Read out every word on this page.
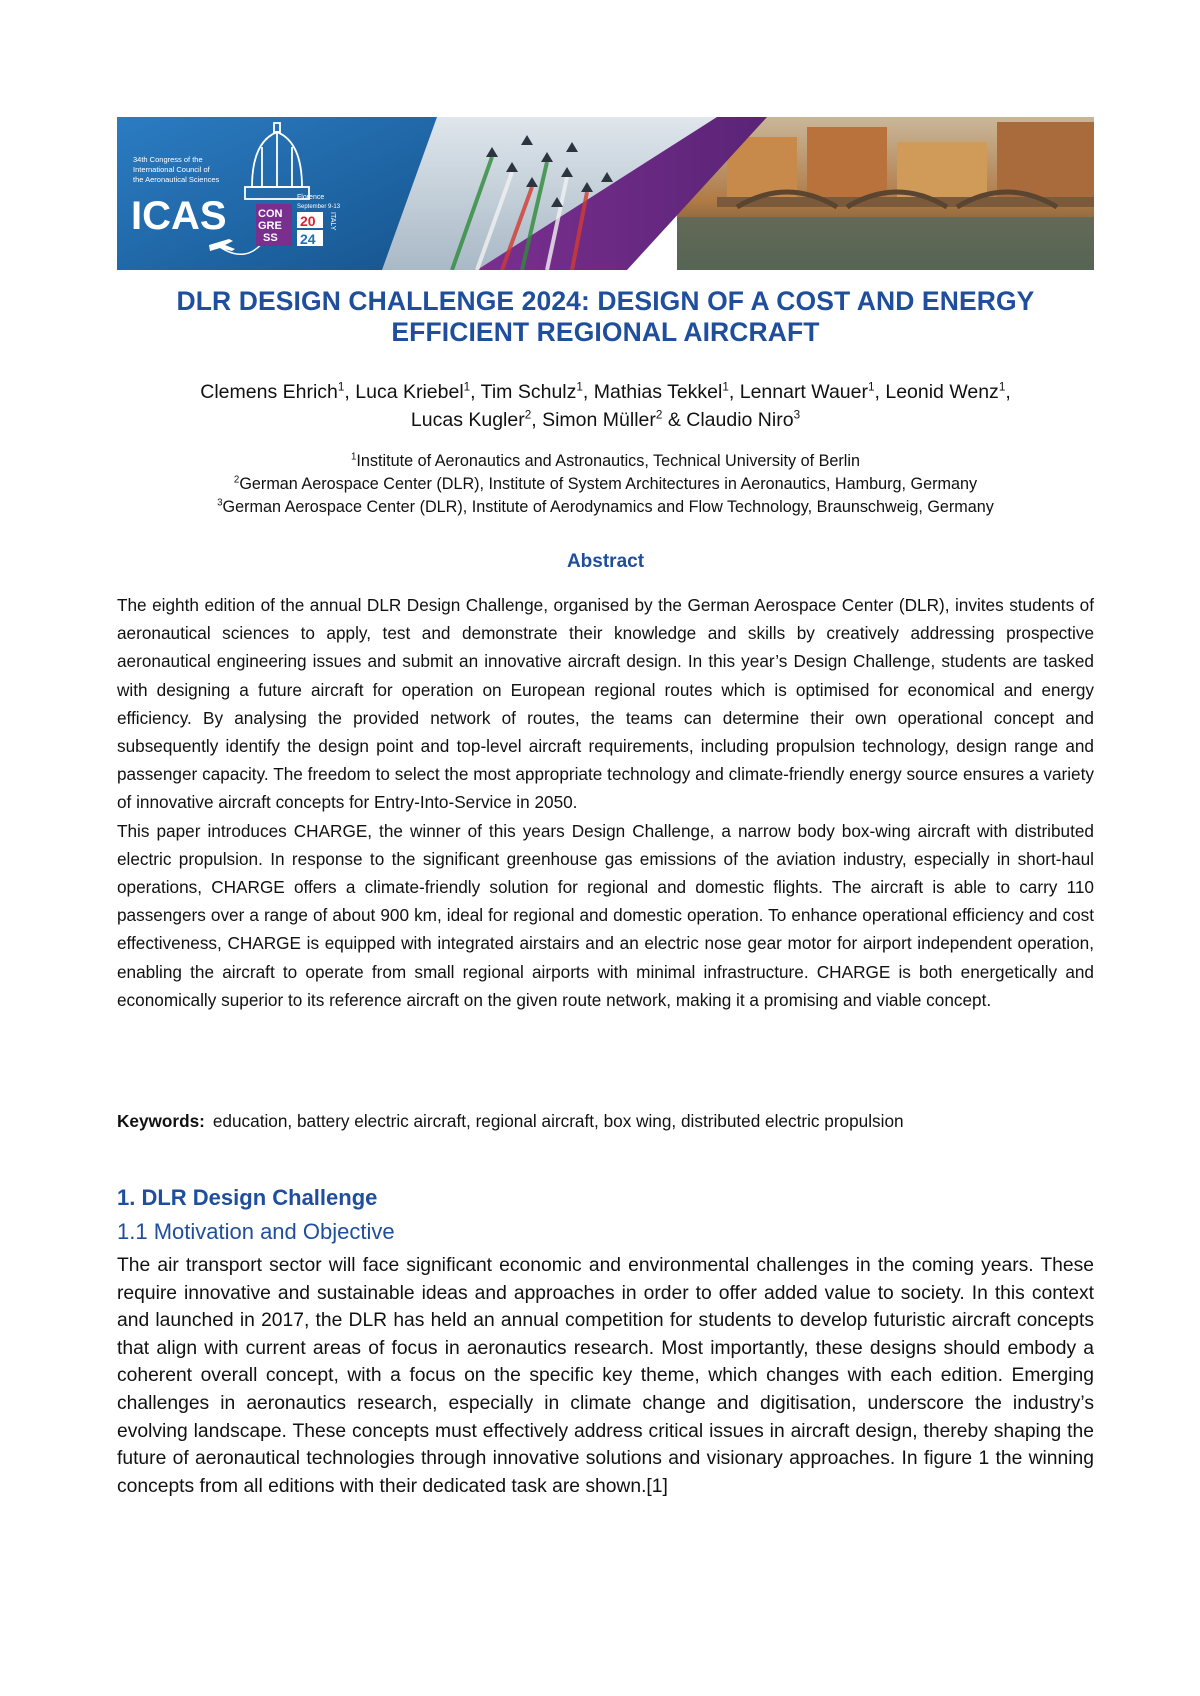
34th Congress of the
International Council of
the Aeronautical Sciences
ICAS	CON
GRE
SS
Florence
September 9-13
20
24
ITALY
DLR DESIGN CHALLENGE 2024: DESIGN OF A COST AND ENERGY
EFFICIENT REGIONAL AIRCRAFT
Clemens Ehrich$^1$, Luca Kriebel$^1$, Tim Schulz$^1$, Mathias Tekkel$^1$, Lennart Wauer$^1$, Leonid Wenz$^1$,
Lucas Kugler$^2$, Simon Müller$^2$ & Claudio Niro$^3$
$^1$Institute of Aeronautics and Astronautics, Technical University of Berlin
$^2$German Aerospace Center (DLR), Institute of System Architectures in Aeronautics, Hamburg, Germany
$^3$German Aerospace Center (DLR), Institute of Aerodynamics and Flow Technology, Braunschweig, Germany
Abstract

The eighth edition of the annual DLR Design Challenge, organised by the German Aerospace Center (DLR), invites students of aeronautical sciences to apply, test and demonstrate their knowledge and skills by creatively addressing prospective aeronautical engineering issues and submit an innovative aircraft design. In this year’s Design Challenge, students are tasked with designing a future aircraft for operation on European regional routes which is optimised for economical and energy efficiency. By analysing the provided network of routes, the teams can determine their own operational concept and subsequently identify the design point and top-level aircraft requirements, including propulsion technology, design range and passenger capacity. The freedom to select the most appropriate technology and climate-friendly energy source ensures a variety of innovative aircraft concepts for Entry-Into-Service in 2050.

This paper introduces CHARGE, the winner of this years Design Challenge, a narrow body box-wing aircraft with distributed electric propulsion. In response to the significant greenhouse gas emissions of the aviation industry, especially in short-haul operations, CHARGE offers a climate-friendly solution for regional and domestic flights. The aircraft is able to carry 110 passengers over a range of about 900 km, ideal for regional and domestic operation. To enhance operational efficiency and cost effectiveness, CHARGE is equipped with integrated airstairs and an electric nose gear motor for airport independent operation, enabling the aircraft to operate from small regional airports with minimal infrastructure. CHARGE is both energetically and economically superior to its reference aircraft on the given route network, making it a promising and viable concept.

Keywords: education, battery electric aircraft, regional aircraft, box wing, distributed electric propulsion
1. DLR Design Challenge
1.1 Motivation and Objective
The air transport sector will face significant economic and environmental challenges in the coming years. These require innovative and sustainable ideas and approaches in order to offer added value to society. In this context and launched in 2017, the DLR has held an annual competition for students to develop futuristic aircraft concepts that align with current areas of focus in aeronautics research. Most importantly, these designs should embody a coherent overall concept, with a focus on the specific key theme, which changes with each edition. Emerging challenges in aeronautics research, especially in climate change and digitisation, underscore the industry’s evolving landscape. These concepts must effectively address critical issues in aircraft design, thereby shaping the future of aeronautical technologies through innovative solutions and visionary approaches. In figure 1 the winning concepts from all editions with their dedicated task are shown.[1]
